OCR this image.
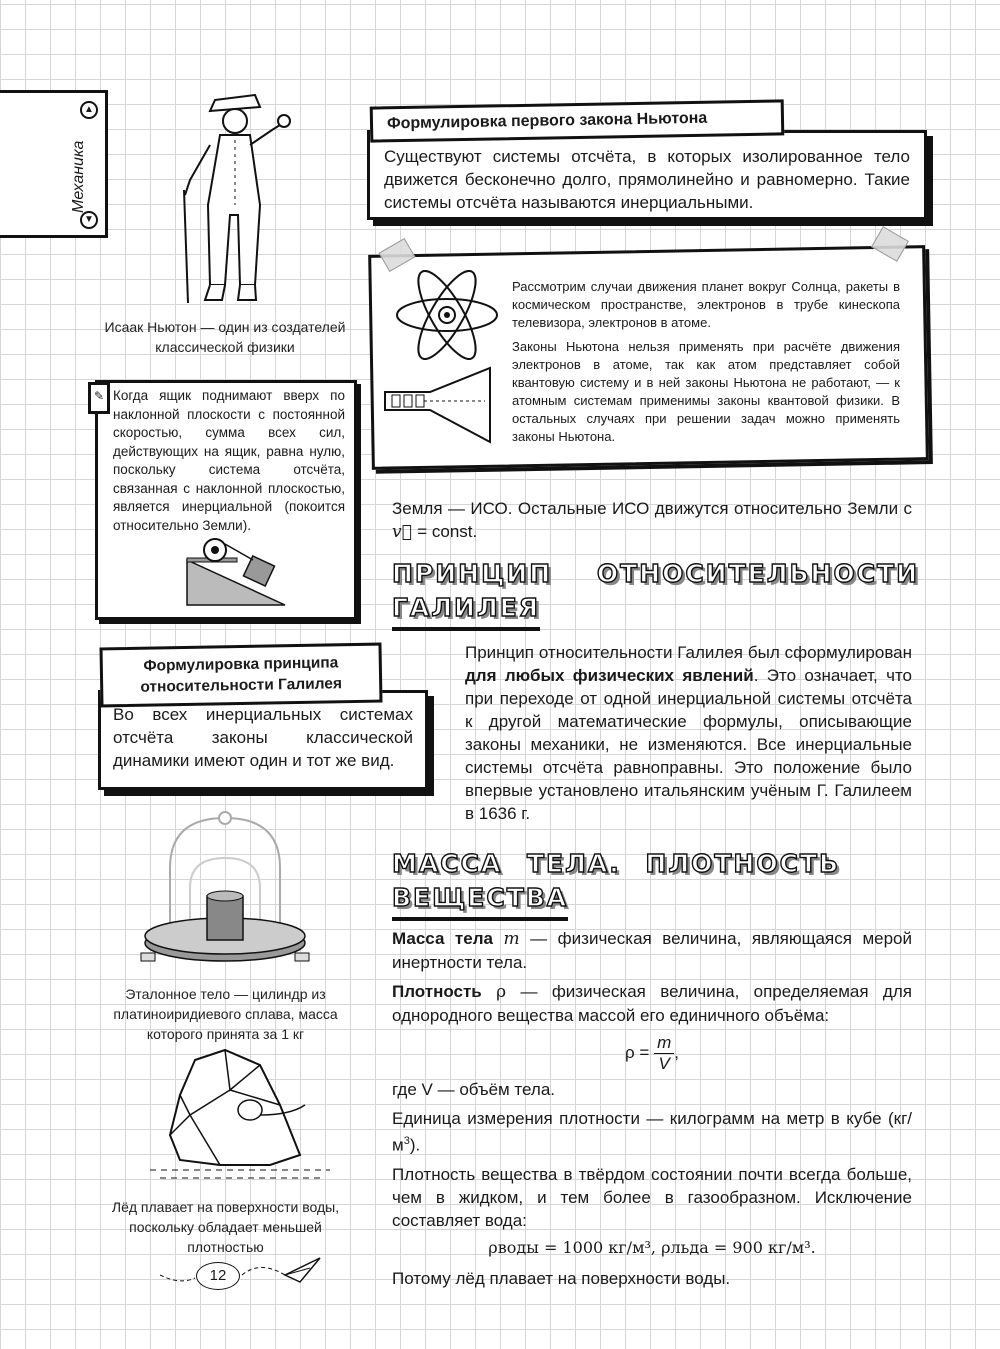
▲
Механика
▼
Исаак Ньютон — один из создателей классической физики
Существуют системы отсчёта, в которых изолированное тело движется бесконечно долго, прямолинейно и равномерно. Такие системы отсчёта называются инерциальными.
Формулировка первого закона Ньютона

Рассмотрим случаи движения планет вокруг Солнца, ракеты в космическом пространстве, электронов в трубе кинескопа телевизора, электронов в атоме.

Законы Ньютона нельзя применять при расчёте движения электронов в атоме, так как атом представляет собой квантовую систему и в ней законы Ньютона не работают, — к атомным системам применимы законы квантовой физики. В остальных случаях при решении задач можно применять законы Ньютона.

✎ Когда ящик поднимают вверх по наклонной плоскости с постоянной скоростью, сумма всех сил, действующих на ящик, равна нулю, поскольку система отсчёта, связанная с наклонной плоскостью, является инерциальной (покоится относительно Земли).
Земля — ИСО. Остальные ИСО движутся относительно Земли с v⃗ = const.
ПРИНЦИП ОТНОСИТЕЛЬНОСТИ
ГАЛИЛЕЯ
Во всех инерциальных системах отсчёта законы классической динамики имеют один и тот же вид.
Формулировка принципа
относительности Галилея
Принцип относительности Галилея был сформулирован для любых физических явлений. Это означает, что при переходе от одной инерциальной системы отсчёта к другой математические формулы, описывающие законы механики, не изменяются. Все инерциальные системы отсчёта равноправны. Это положение было впервые установлено итальянским учёным Г. Галилеем в 1636 г.
Эталонное тело — цилиндр из платиноиридиевого сплава, масса которого принята за 1 кг
Лёд плавает на поверхности воды, поскольку обладает меньшей плотностью
12
МАССА ТЕЛА. ПЛОТНОСТЬ
ВЕЩЕСТВА

Масса тела m — физическая величина, являющаяся мерой инертности тела.

Плотность ρ — физическая величина, определяемая для однородного вещества массой его единичного объёма:

$\rho = \frac{m}{V}$ ,

где V — объём тела.

Единица измерения плотности — килограмм на метр в кубе $(кг/м^3)$.

Плотность вещества в твёрдом состоянии почти всегда больше, чем в жидком, и тем более в газообразном. Исключение составляет вода:

ρводы = 1000 кг/м³, ρльда = 900 кг/м³.

Потому лёд плавает на поверхности воды.
